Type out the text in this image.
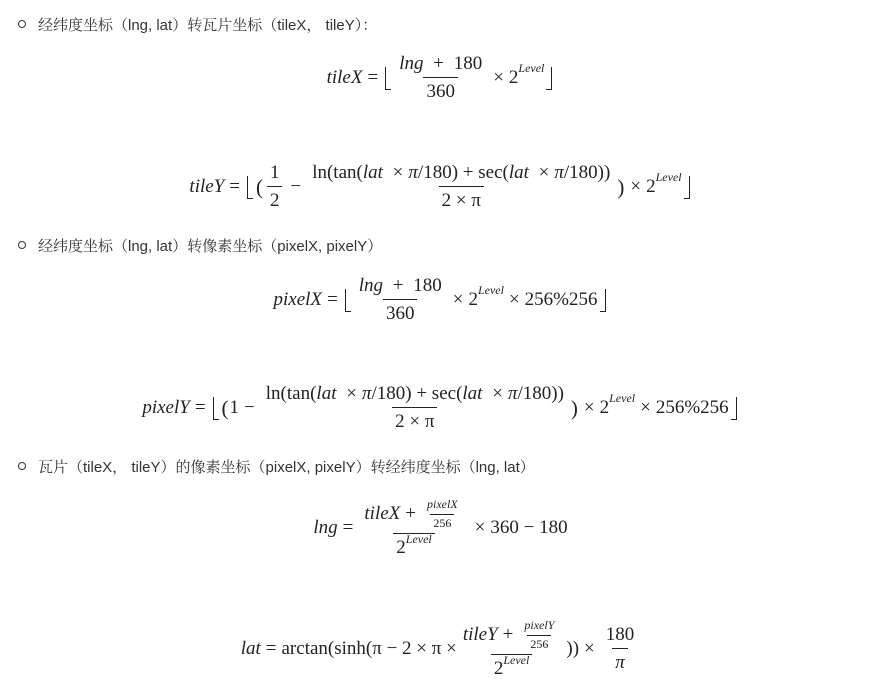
经纬度坐标（lng, lat）转瓦片坐标（tileX， tileY）：
tileX = $\frac{\ln g + 180}{360} \times 2^{Level}$
tileY = ( $\frac{1}{2} - \frac{\text{ln(tan(lat × π/180) + sec(lat × π/180))}}{2 \times \pi}$ ) × $2^{Level}$
经纬度坐标（lng, lat）转像素坐标（pixelX, pixelY）
pixelX = $\frac{\ln g + 180}{360} \times 2^{Level} \times 256\%256$
pixelY = ( $1 - \frac{\text{ln(tan(lat × π/180) + sec(lat × π/180))}}{2 \times \pi}$ ) × $2^{Level} \times 256\%256$
瓦片（tileX， tileY）的像素坐标（pixelX, pixelY）转经纬度坐标（lng, lat）
lng =
tileX + $\frac{\text{pixelX}}{256}$
$2^{Level}$
× 360 − 180
lat = arctan(sinh(π − 2 × π ×
tileY + $\frac{\text{pixelY}}{256}$
$2^{Level}$
)) × $\frac{180}{\pi}$
